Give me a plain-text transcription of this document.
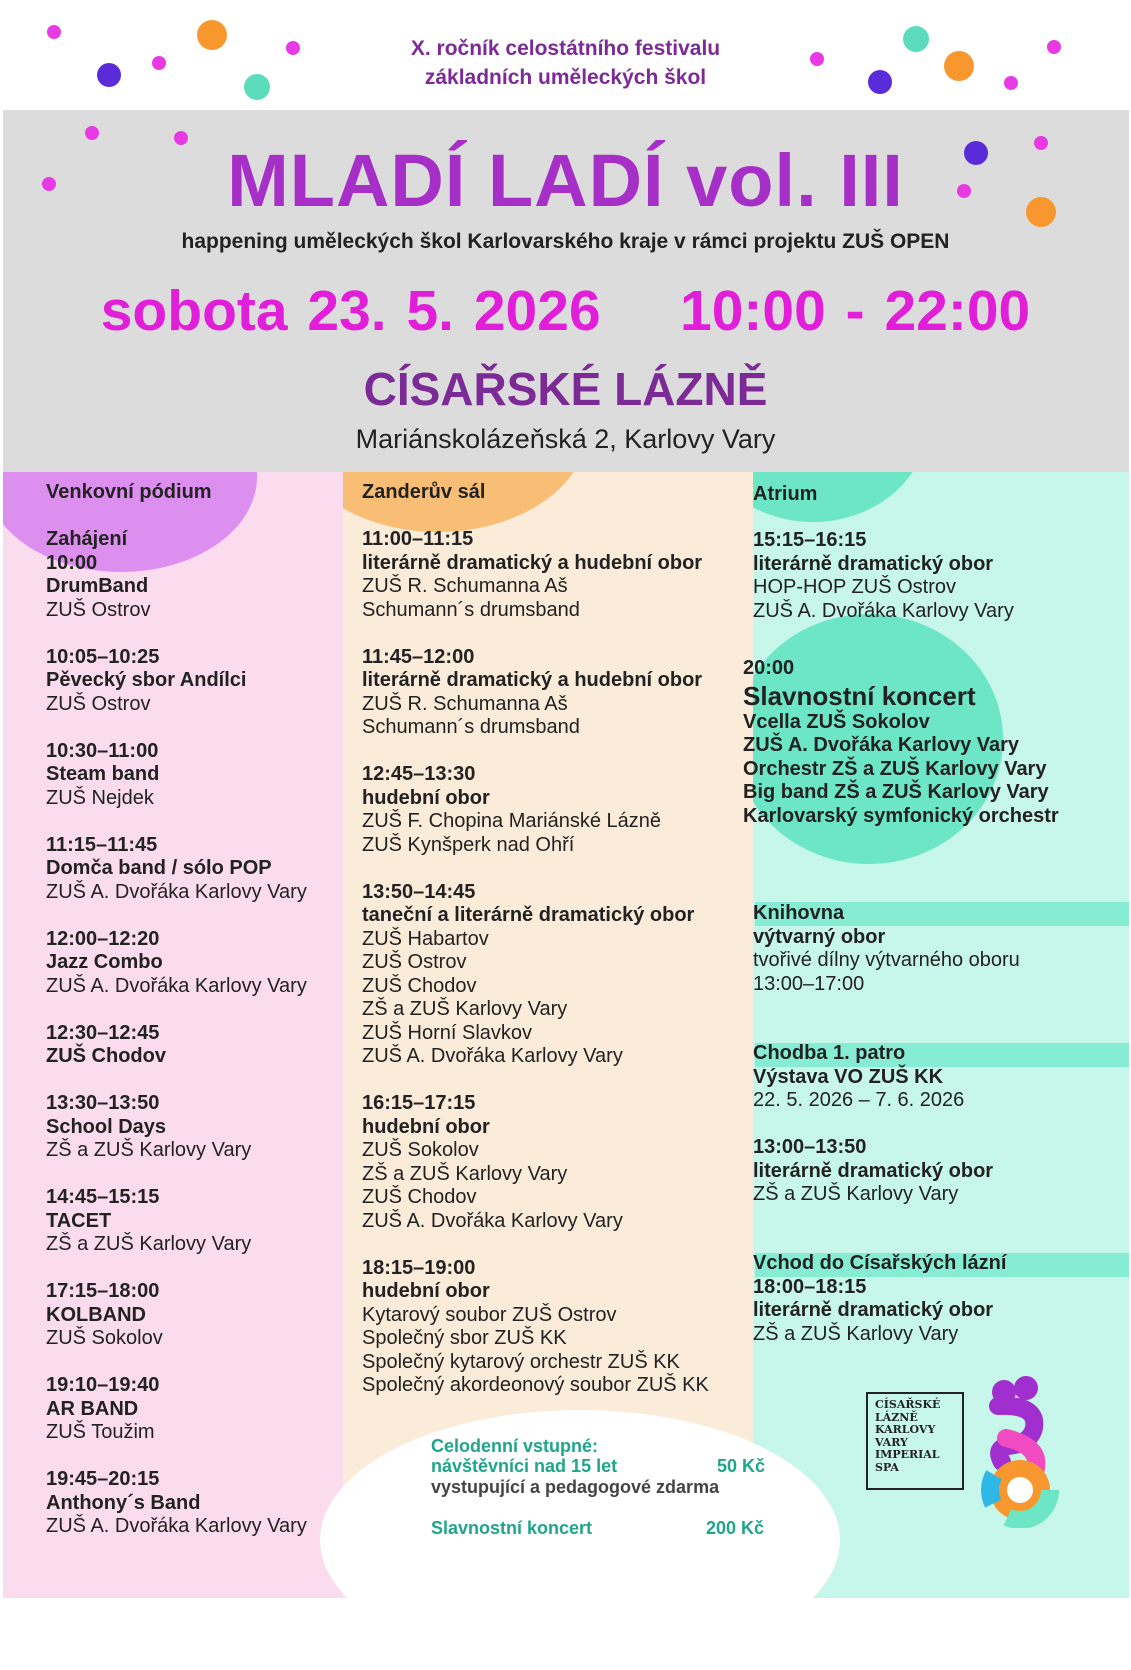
X. ročník celostátního festivalu
základních uměleckých škol
MLADÍ LADÍ vol. III
happening uměleckých škol Karlovarského kraje v rámci projektu ZUŠ OPEN
sobota 23. 5. 2026 10:00 - 22:00
CÍSAŘSKÉ LÁZNĚ
Mariánskolázeňská 2, Karlovy Vary
Venkovní pódium	Zanderův sál	Atrium
Zahájení
10:00
DrumBand
ZUŠ Ostrov
10:05–10:25
Pěvecký sbor Andílci
ZUŠ Ostrov
10:30–11:00
Steam band
ZUŠ Nejdek
11:15–11:45
Domča band / sólo POP
ZUŠ A. Dvořáka Karlovy Vary
12:00–12:20
Jazz Combo
ZUŠ A. Dvořáka Karlovy Vary
12:30–12:45
ZUŠ Chodov
13:30–13:50
School Days
ZŠ a ZUŠ Karlovy Vary
14:45–15:15
TACET
ZŠ a ZUŠ Karlovy Vary
17:15–18:00
KOLBAND
ZUŠ Sokolov
19:10–19:40
AR BAND
ZUŠ Toužim
19:45–20:15
Anthony´s Band
ZUŠ A. Dvořáka Karlovy Vary
11:00–11:15
literárně dramatický a hudební obor
ZUŠ R. Schumanna Aš
Schumann´s drumsband
11:45–12:00
literárně dramatický a hudební obor
ZUŠ R. Schumanna Aš
Schumann´s drumsband
12:45–13:30
hudební obor
ZUŠ F. Chopina Mariánské Lázně
ZUŠ Kynšperk nad Ohří
13:50–14:45
taneční a literárně dramatický obor
ZUŠ Habartov
ZUŠ Ostrov
ZUŠ Chodov
ZŠ a ZUŠ Karlovy Vary
ZUŠ Horní Slavkov
ZUŠ A. Dvořáka Karlovy Vary
16:15–17:15
hudební obor
ZUŠ Sokolov
ZŠ a ZUŠ Karlovy Vary
ZUŠ Chodov
ZUŠ A. Dvořáka Karlovy Vary
18:15–19:00
hudební obor
Kytarový soubor ZUŠ Ostrov
Společný sbor ZUŠ KK
Společný kytarový orchestr ZUŠ KK
Společný akordeonový soubor ZUŠ KK
15:15–16:15
literárně dramatický obor
HOP-HOP ZUŠ Ostrov
ZUŠ A. Dvořáka Karlovy Vary
20:00
Slavnostní koncert
Vcella ZUŠ Sokolov
ZUŠ A. Dvořáka Karlovy Vary
Orchestr ZŠ a ZUŠ Karlovy Vary
Big band ZŠ a ZUŠ Karlovy Vary
Karlovarský symfonický orchestr
Knihovna
výtvarný obor
tvořivé dílny výtvarného oboru
13:00–17:00
Chodba 1. patro
Výstava VO ZUŠ KK
22. 5. 2026 – 7. 6. 2026

13:00–13:50
literárně dramatický obor
ZŠ a ZUŠ Karlovy Vary
Vchod do Císařských lázní
18:00–18:15
literárně dramatický obor
ZŠ a ZUŠ Karlovy Vary
Celodenní vstupné:
návštěvníci nad 15 let	50 Kč
vystupující a pedagogové zdarma
Slavnostní koncert	200 Kč
CÍSAŘSKÉ
LÁZNĚ
KARLOVY
VARY
IMPERIAL
SPA
